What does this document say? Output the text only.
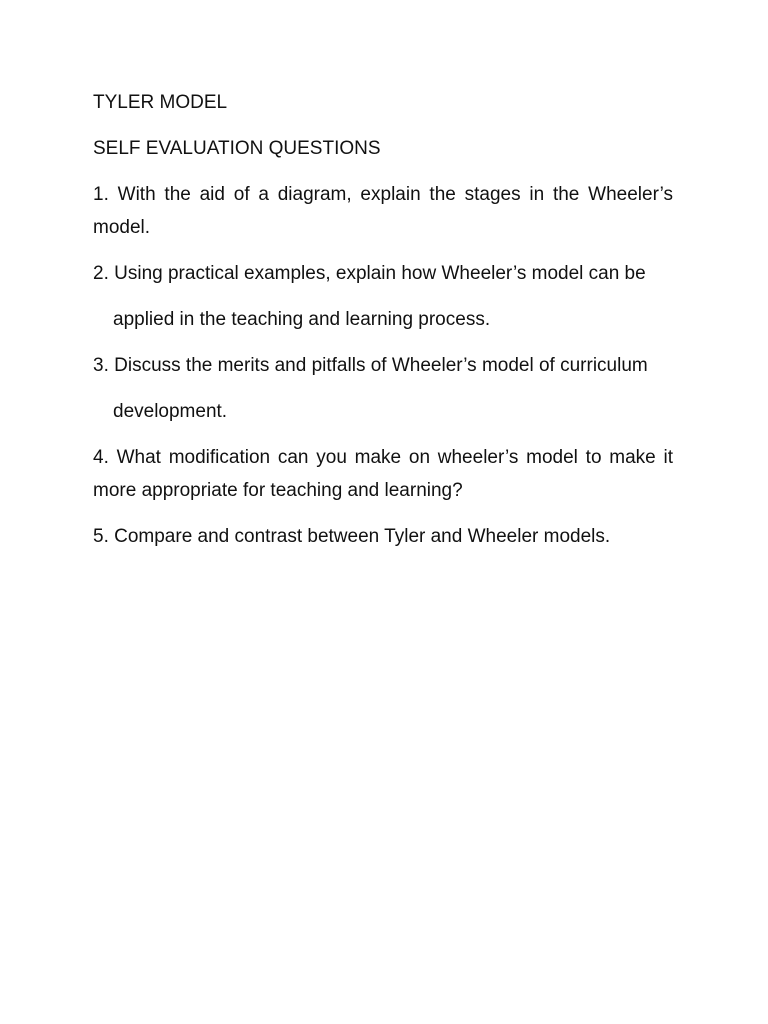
TYLER MODEL

SELF EVALUATION QUESTIONS

1. With the aid of a diagram, explain the stages in the Wheeler’s model.

2. Using practical examples, explain how Wheeler’s model can be

applied in the teaching and learning process.

3. Discuss the merits and pitfalls of Wheeler’s model of curriculum

development.

4. What modification can you make on wheeler’s model to make it more appropriate for teaching and learning?

5. Compare and contrast between Tyler and Wheeler models.
